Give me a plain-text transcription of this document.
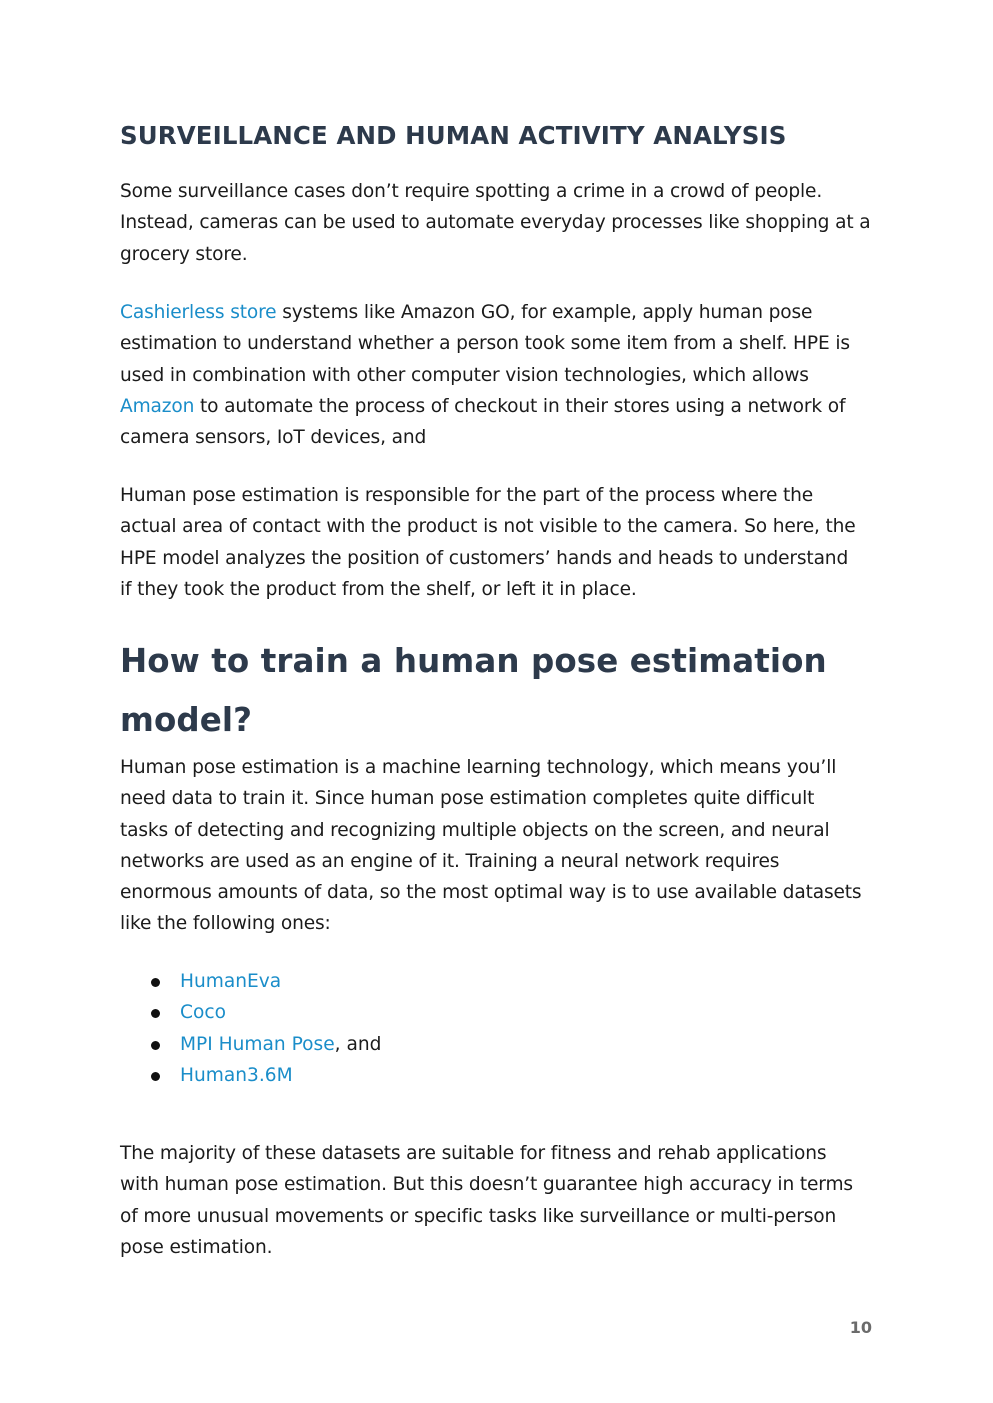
SURVEILLANCE AND HUMAN ACTIVITY ANALYSIS

Some surveillance cases don’t require spotting a crime in a crowd of people.
Instead, cameras can be used to automate everyday processes like shopping at a
grocery store.

Cashierless store systems like Amazon GO, for example, apply human pose
estimation to understand whether a person took some item from a shelf. HPE is
used in combination with other computer vision technologies, which allows
Amazon to automate the process of checkout in their stores using a network of
camera sensors, IoT devices, and

Human pose estimation is responsible for the part of the process where the
actual area of contact with the product is not visible to the camera. So here, the
HPE model analyzes the position of customers’ hands and heads to understand
if they took the product from the shelf, or left it in place.

How to train a human pose estimation model?

Human pose estimation is a machine learning technology, which means you’ll
need data to train it. Since human pose estimation completes quite difficult
tasks of detecting and recognizing multiple objects on the screen, and neural
networks are used as an engine of it. Training a neural network requires
enormous amounts of data, so the most optimal way is to use available datasets
like the following ones:

HumanEva
Coco
MPI Human Pose, and
Human3.6M

The majority of these datasets are suitable for fitness and rehab applications
with human pose estimation. But this doesn’t guarantee high accuracy in terms
of more unusual movements or specific tasks like surveillance or multi-person
pose estimation.

10
